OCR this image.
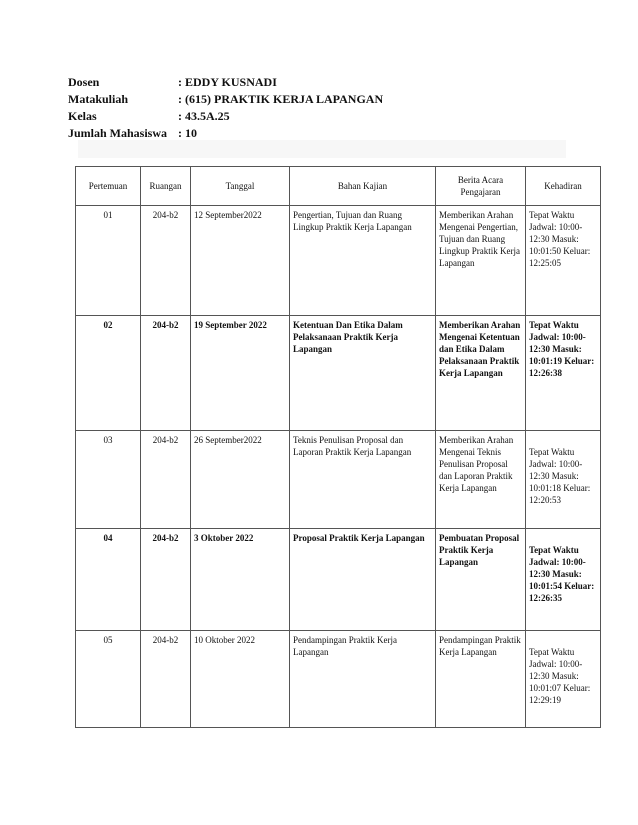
Dosen	: EDDY KUSNADI
Matakuliah	: (615) PRAKTIK KERJA LAPANGAN
Kelas	: 43.5A.25
Jumlah Mahasiswa : 10
Pertemuan	Ruangan	Tanggal	Bahan Kajian	Berita Acara Pengajaran	Kehadiran
01	204-b2	12 September2022	Pengertian, Tujuan dan Ruang Lingkup Praktik Kerja Lapangan	Memberikan Arahan Mengenai Pengertian, Tujuan dan Ruang Lingkup Praktik Kerja Lapangan	Tepat Waktu Jadwal: 10:00-12:30 Masuk: 10:01:50 Keluar: 12:25:05
02	204-b2	19 September 2022	Ketentuan Dan Etika Dalam Pelaksanaan Praktik Kerja Lapangan	Memberikan Arahan Mengenai Ketentuan dan Etika Dalam Pelaksanaan Praktik Kerja Lapangan	Tepat Waktu Jadwal: 10:00-12:30 Masuk: 10:01:19 Keluar: 12:26:38
03	204-b2	26 September2022	Teknis Penulisan Proposal dan Laporan Praktik Kerja Lapangan	Memberikan Arahan Mengenai Teknis Penulisan Proposal dan Laporan Praktik Kerja Lapangan	Tepat Waktu Jadwal: 10:00-12:30 Masuk: 10:01:18 Keluar: 12:20:53
04	204-b2	3 Oktober 2022	Proposal Praktik Kerja Lapangan	Pembuatan Proposal Praktik Kerja Lapangan	Tepat Waktu Jadwal: 10:00-12:30 Masuk: 10:01:54 Keluar: 12:26:35
05	204-b2	10 Oktober 2022	Pendampingan Praktik Kerja Lapangan	Pendampingan Praktik Kerja Lapangan	Tepat Waktu Jadwal: 10:00-12:30 Masuk: 10:01:07 Keluar: 12:29:19
